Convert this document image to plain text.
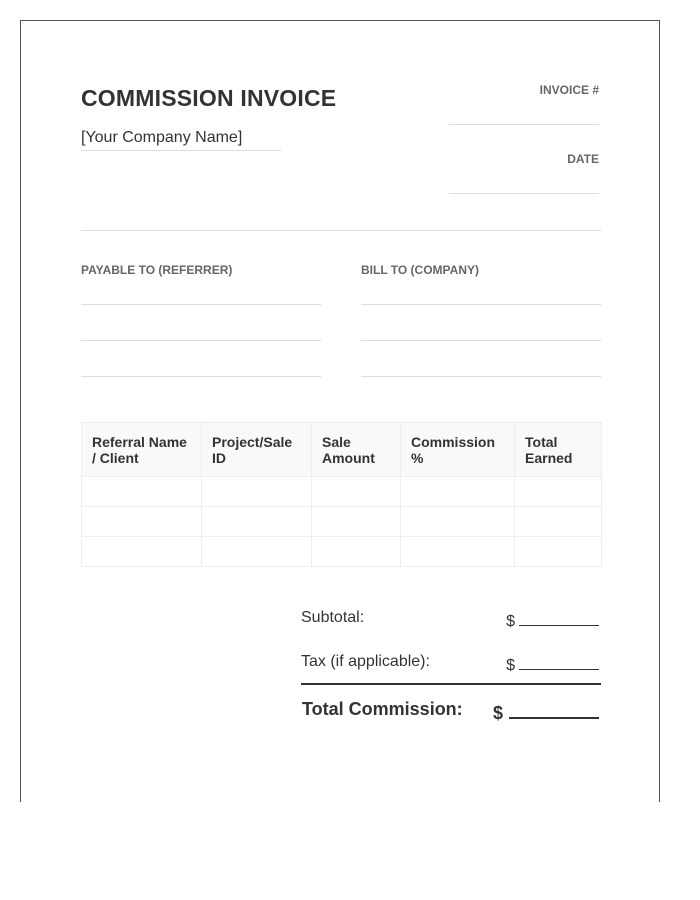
COMMISSION INVOICE
[Your Company Name]
INVOICE #
DATE
PAYABLE TO (REFERRER)	BILL TO (COMPANY)
Referral Name / Client	Project/Sale ID	Sale Amount	Commission %	Total Earned

Subtotal:	$
Tax (if applicable):	$
Total Commission: $
